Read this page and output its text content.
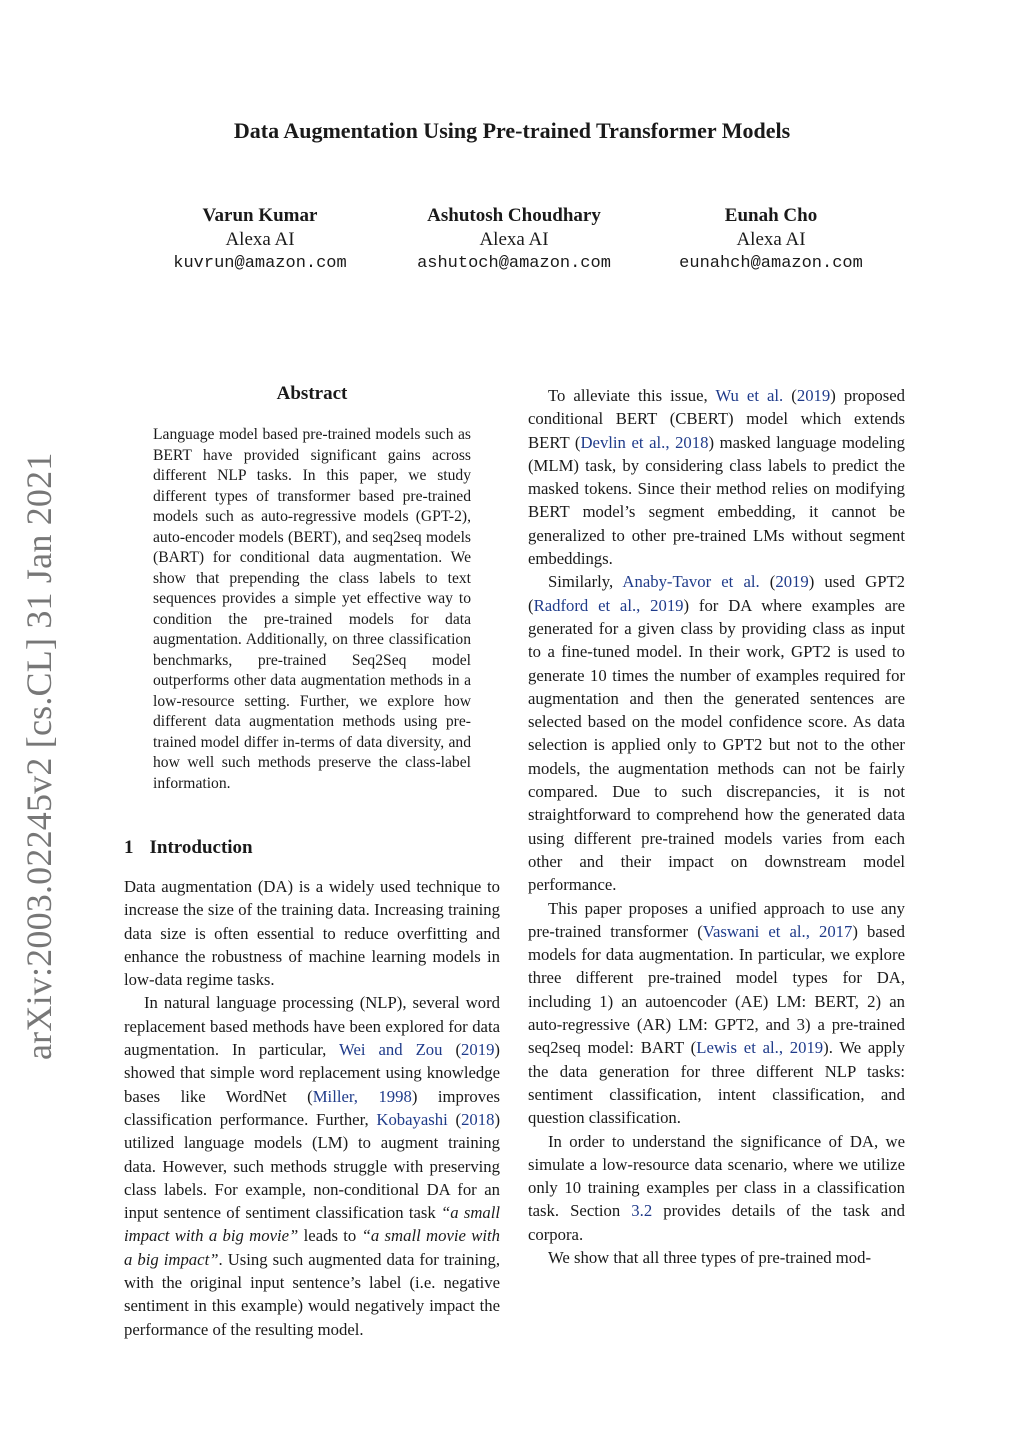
Data Augmentation Using Pre-trained Transformer Models
Varun Kumar
Alexa AI
kuvrun@amazon.com
Ashutosh Choudhary
Alexa AI
ashutoch@amazon.com
Eunah Cho
Alexa AI
eunahch@amazon.com
arXiv:2003.02245v2 [cs.CL] 31 Jan 2021
Abstract
Language model based pre-trained models such as BERT have provided significant gains across different NLP tasks. In this paper, we study different types of transformer based pre-trained models such as auto-regressive models (GPT-2), auto-encoder models (BERT), and seq2seq models (BART) for conditional data augmentation. We show that prepending the class labels to text sequences provides a simple yet effective way to condition the pre-trained models for data augmentation. Additionally, on three classification benchmarks, pre-trained Seq2Seq model outperforms other data augmentation methods in a low-resource setting. Further, we explore how different data augmentation methods using pre-trained model differ in-terms of data diversity, and how well such methods preserve the class-label information.
1 Introduction

Data augmentation (DA) is a widely used technique to increase the size of the training data. Increasing training data size is often essential to reduce overfitting and enhance the robustness of machine learning models in low-data regime tasks.

In natural language processing (NLP), several word replacement based methods have been explored for data augmentation. In particular, Wei and Zou (2019) showed that simple word replacement using knowledge bases like WordNet (Miller, 1998) improves classification performance. Further, Kobayashi (2018) utilized language models (LM) to augment training data. However, such methods struggle with preserving class labels. For example, non-conditional DA for an input sentence of sentiment classification task “a small impact with a big movie” leads to “a small movie with a big impact”. Using such augmented data for training, with the original input sentence’s label (i.e. negative sentiment in this example) would negatively impact the performance of the resulting model.

To alleviate this issue, Wu et al. (2019) proposed conditional BERT (CBERT) model which extends BERT (Devlin et al., 2018) masked language modeling (MLM) task, by considering class labels to predict the masked tokens. Since their method relies on modifying BERT model’s segment embedding, it cannot be generalized to other pre-trained LMs without segment embeddings.

Similarly, Anaby-Tavor et al. (2019) used GPT2 (Radford et al., 2019) for DA where examples are generated for a given class by providing class as input to a fine-tuned model. In their work, GPT2 is used to generate 10 times the number of examples required for augmentation and then the generated sentences are selected based on the model confidence score. As data selection is applied only to GPT2 but not to the other models, the augmentation methods can not be fairly compared. Due to such discrepancies, it is not straightforward to comprehend how the generated data using different pre-trained models varies from each other and their impact on downstream model performance.

This paper proposes a unified approach to use any pre-trained transformer (Vaswani et al., 2017) based models for data augmentation. In particular, we explore three different pre-trained model types for DA, including 1) an autoencoder (AE) LM: BERT, 2) an auto-regressive (AR) LM: GPT2, and 3) a pre-trained seq2seq model: BART (Lewis et al., 2019). We apply the data generation for three different NLP tasks: sentiment classification, intent classification, and question classification.

In order to understand the significance of DA, we simulate a low-resource data scenario, where we utilize only 10 training examples per class in a classification task. Section 3.2 provides details of the task and corpora.

We show that all three types of pre-trained mod-
